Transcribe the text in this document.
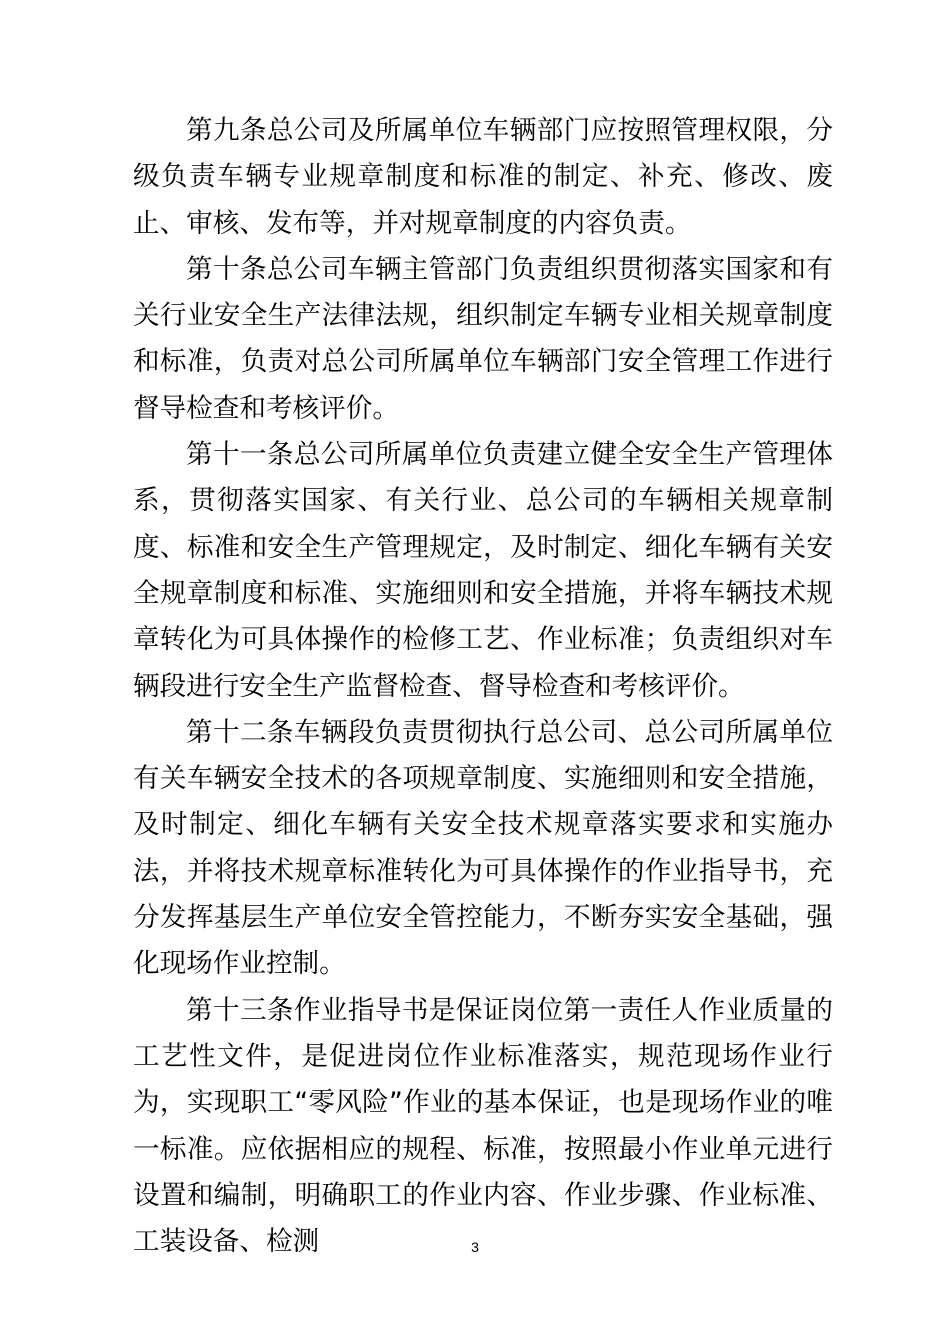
第九条总公司及所属单位车辆部门应按照管理权限，分级负责车辆专业规章制度和标准的制定、补充、修改、废止、审核、发布等，并对规章制度的内容负责。

第十条总公司车辆主管部门负责组织贯彻落实国家和有关行业安全生产法律法规，组织制定车辆专业相关规章制度和标准，负责对总公司所属单位车辆部门安全管理工作进行督导检查和考核评价。

第十一条总公司所属单位负责建立健全安全生产管理体系，贯彻落实国家、有关行业、总公司的车辆相关规章制度、标准和安全生产管理规定，及时制定、细化车辆有关安全规章制度和标准、实施细则和安全措施，并将车辆技术规章转化为可具体操作的检修工艺、作业标准；负责组织对车辆段进行安全生产监督检查、督导检查和考核评价。

第十二条车辆段负责贯彻执行总公司、总公司所属单位有关车辆安全技术的各项规章制度、实施细则和安全措施，及时制定、细化车辆有关安全技术规章落实要求和实施办法，并将技术规章标准转化为可具体操作的作业指导书，充分发挥基层生产单位安全管控能力，不断夯实安全基础，强化现场作业控制。

第十三条作业指导书是保证岗位第一责任人作业质量的工艺性文件，是促进岗位作业标准落实，规范现场作业行为，实现职工“零风险”作业的基本保证，也是现场作业的唯一标准。应依据相应的规程、标准，按照最小作业单元进行设置和编制，明确职工的作业内容、作业步骤、作业标准、工装设备、检测	3
